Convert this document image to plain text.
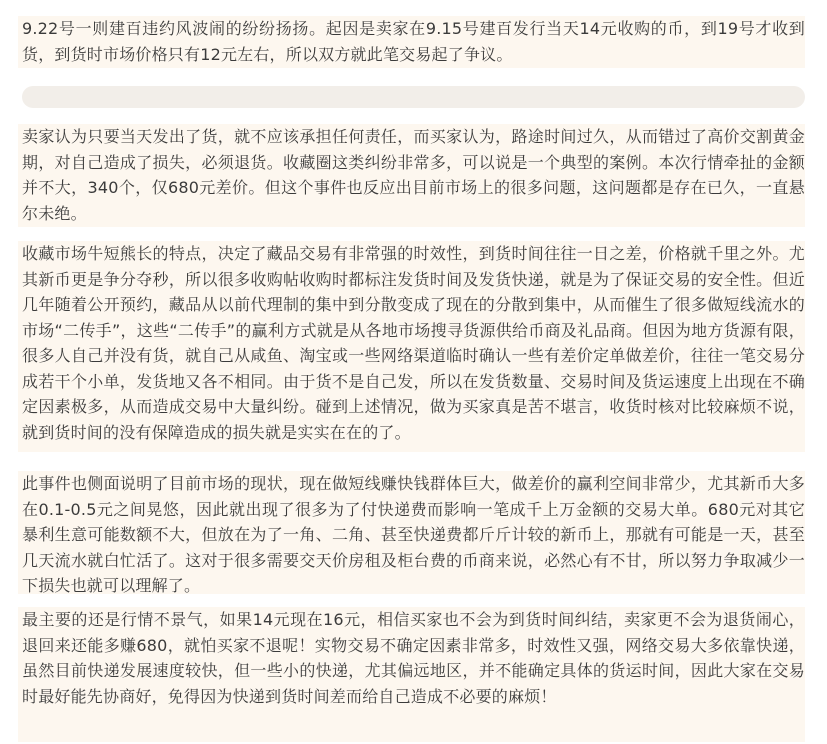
9.22号一则建百违约风波闹的纷纷扬扬。起因是卖家在9.15号建百发行当天14元收购的币，到19号才收到货，到货时市场价格只有12元左右，所以双方就此笔交易起了争议。

卖家认为只要当天发出了货，就不应该承担任何责任，而买家认为，路途时间过久，从而错过了高价交割黄金期，对自己造成了损失，必须退货。收藏圈这类纠纷非常多，可以说是一个典型的案例。本次行情牵扯的金额并不大，340个，仅680元差价。但这个事件也反应出目前市场上的很多问题，这问题都是存在已久，一直悬尔未绝。

收藏市场牛短熊长的特点，决定了藏品交易有非常强的时效性，到货时间往往一日之差，价格就千里之外。尤其新币更是争分夺秒，所以很多收购帖收购时都标注发货时间及发货快递，就是为了保证交易的安全性。但近几年随着公开预约，藏品从以前代理制的集中到分散变成了现在的分散到集中，从而催生了很多做短线流水的市场“二传手”，这些“二传手”的赢利方式就是从各地市场搜寻货源供给币商及礼品商。但因为地方货源有限，很多人自己并没有货，就自己从咸鱼、淘宝或一些网络渠道临时确认一些有差价定单做差价，往往一笔交易分成若干个小单，发货地又各不相同。由于货不是自己发，所以在发货数量、交易时间及货运速度上出现在不确定因素极多，从而造成交易中大量纠纷。碰到上述情况，做为买家真是苦不堪言，收货时核对比较麻烦不说，就到货时间的没有保障造成的损失就是实实在在的了。

此事件也侧面说明了目前市场的现状，现在做短线赚快钱群体巨大，做差价的赢利空间非常少，尤其新币大多在0.1-0.5元之间晃悠，因此就出现了很多为了付快递费而影响一笔成千上万金额的交易大单。680元对其它暴利生意可能数额不大，但放在为了一角、二角、甚至快递费都斤斤计较的新币上，那就有可能是一天，甚至几天流水就白忙活了。这对于很多需要交天价房租及柜台费的币商来说，必然心有不甘，所以努力争取减少一下损失也就可以理解了。

最主要的还是行情不景气，如果14元现在16元，相信买家也不会为到货时间纠结，卖家更不会为退货闹心，退回来还能多赚680，就怕买家不退呢！实物交易不确定因素非常多，时效性又强，网络交易大多依靠快递，虽然目前快递发展速度较快，但一些小的快递，尤其偏远地区，并不能确定具体的货运时间，因此大家在交易时最好能先协商好，免得因为快递到货时间差而给自己造成不必要的麻烦！
